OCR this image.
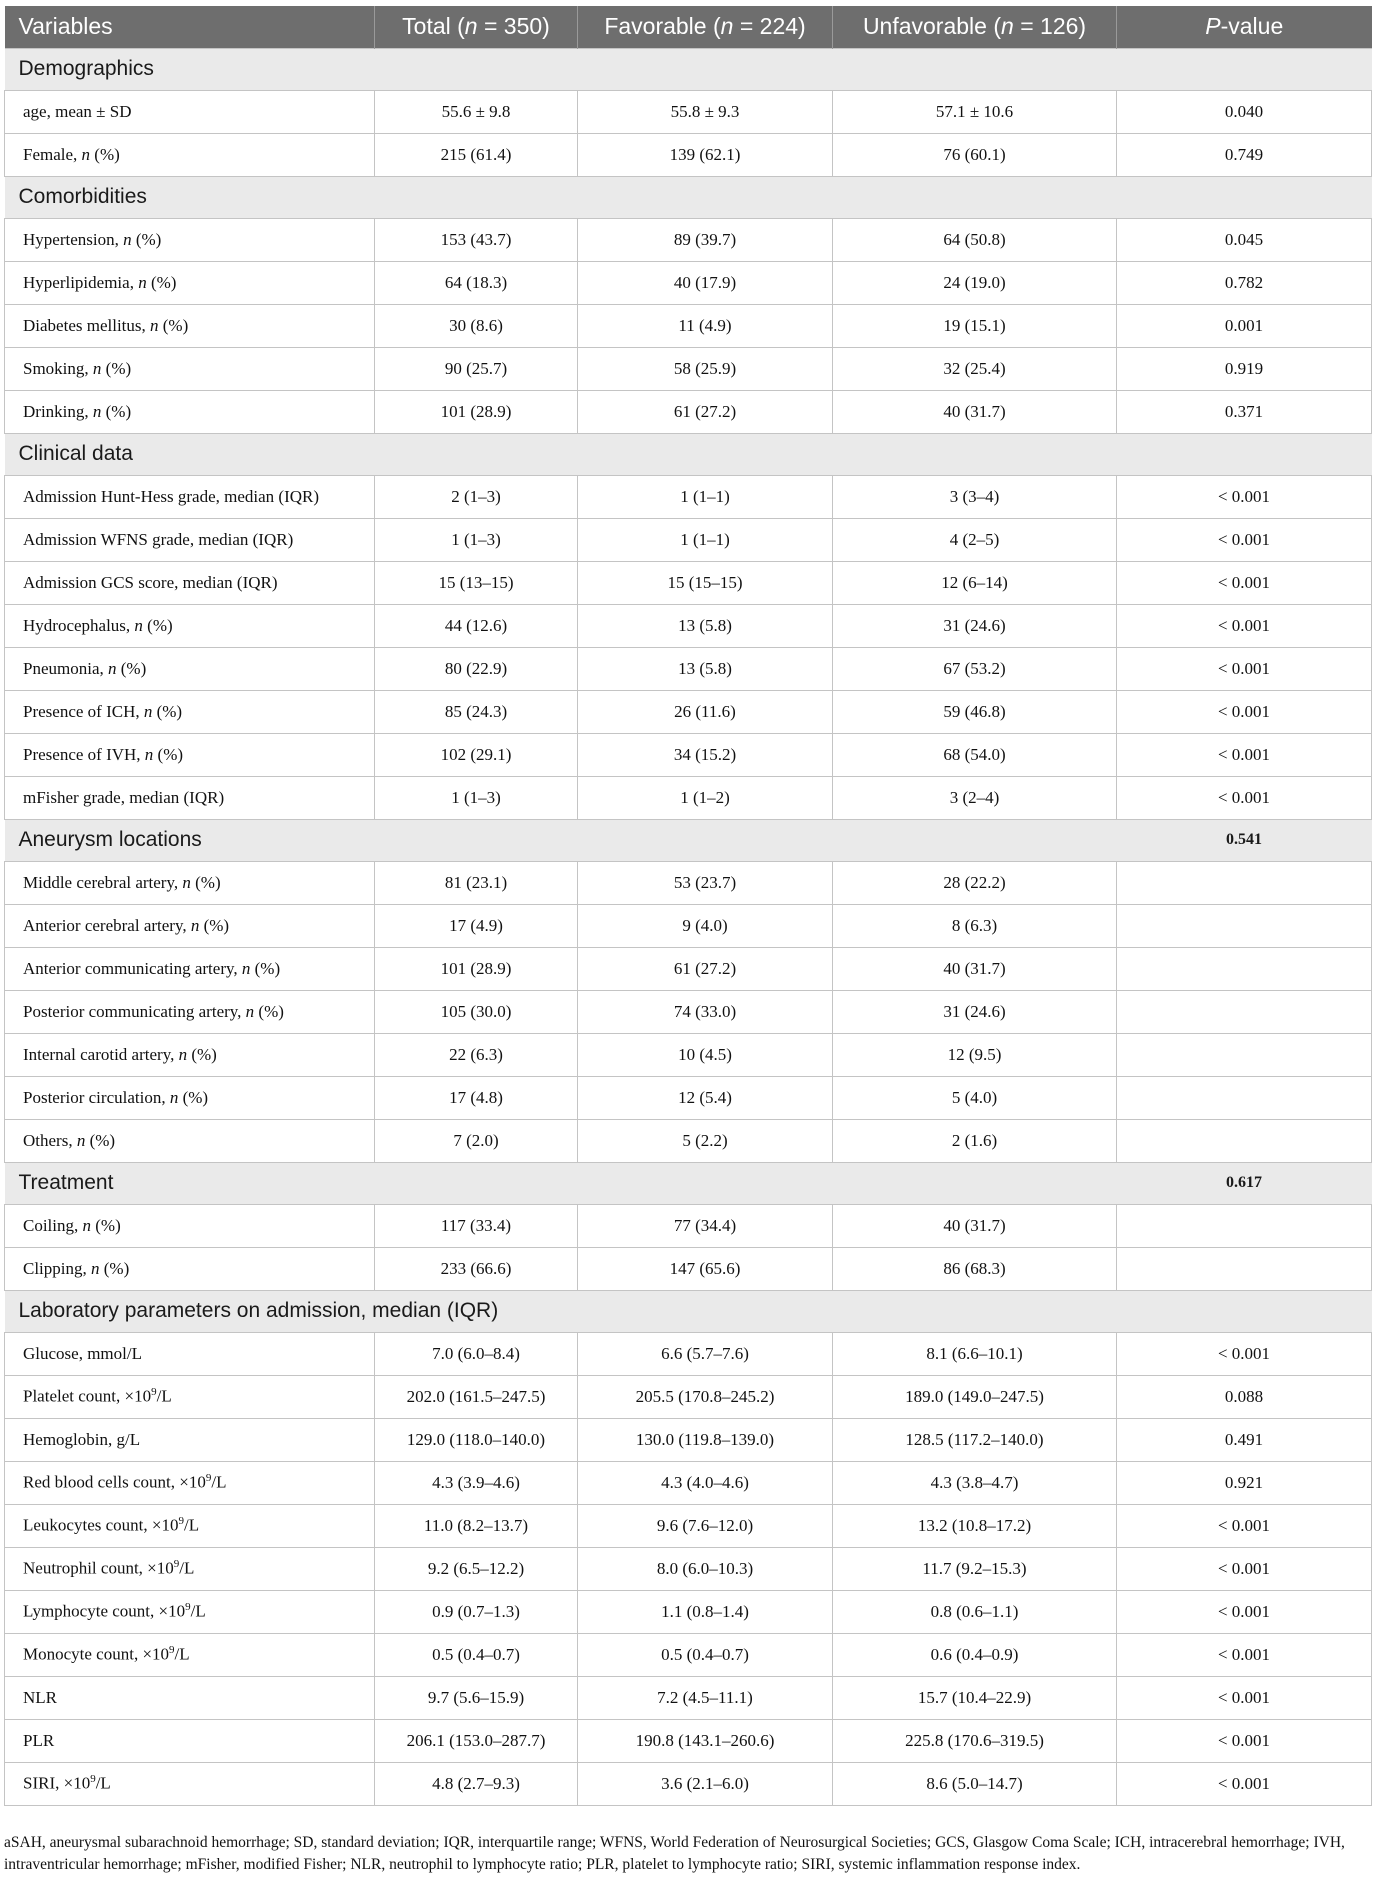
Variables	Total (n = 350)	Favorable (n = 224)	Unfavorable (n = 126)	P-value
Demographics				
age, mean ± SD	55.6 ± 9.8	55.8 ± 9.3	57.1 ± 10.6	0.040
Female, n (%)	215 (61.4)	139 (62.1)	76 (60.1)	0.749
Comorbidities				
Hypertension, n (%)	153 (43.7)	89 (39.7)	64 (50.8)	0.045
Hyperlipidemia, n (%)	64 (18.3)	40 (17.9)	24 (19.0)	0.782
Diabetes mellitus, n (%)	30 (8.6)	11 (4.9)	19 (15.1)	0.001
Smoking, n (%)	90 (25.7)	58 (25.9)	32 (25.4)	0.919
Drinking, n (%)	101 (28.9)	61 (27.2)	40 (31.7)	0.371
Clinical data				
Admission Hunt-Hess grade, median (IQR)	2 (1–3)	1 (1–1)	3 (3–4)	< 0.001
Admission WFNS grade, median (IQR)	1 (1–3)	1 (1–1)	4 (2–5)	< 0.001
Admission GCS score, median (IQR)	15 (13–15)	15 (15–15)	12 (6–14)	< 0.001
Hydrocephalus, n (%)	44 (12.6)	13 (5.8)	31 (24.6)	< 0.001
Pneumonia, n (%)	80 (22.9)	13 (5.8)	67 (53.2)	< 0.001
Presence of ICH, n (%)	85 (24.3)	26 (11.6)	59 (46.8)	< 0.001
Presence of IVH, n (%)	102 (29.1)	34 (15.2)	68 (54.0)	< 0.001
mFisher grade, median (IQR)	1 (1–3)	1 (1–2)	3 (2–4)	< 0.001
Aneurysm locations				0.541
Middle cerebral artery, n (%)	81 (23.1)	53 (23.7)	28 (22.2)	
Anterior cerebral artery, n (%)	17 (4.9)	9 (4.0)	8 (6.3)	
Anterior communicating artery, n (%)	101 (28.9)	61 (27.2)	40 (31.7)	
Posterior communicating artery, n (%)	105 (30.0)	74 (33.0)	31 (24.6)	
Internal carotid artery, n (%)	22 (6.3)	10 (4.5)	12 (9.5)	
Posterior circulation, n (%)	17 (4.8)	12 (5.4)	5 (4.0)	
Others, n (%)	7 (2.0)	5 (2.2)	2 (1.6)	
Treatment				0.617
Coiling, n (%)	117 (33.4)	77 (34.4)	40 (31.7)	
Clipping, n (%)	233 (66.6)	147 (65.6)	86 (68.3)	
Laboratory parameters on admission, median (IQR)				
Glucose, mmol/L	7.0 (6.0–8.4)	6.6 (5.7–7.6)	8.1 (6.6–10.1)	< 0.001
Platelet count, $\times 10^9/L$	202.0 (161.5–247.5)	205.5 (170.8–245.2)	189.0 (149.0–247.5)	0.088
Hemoglobin, g/L	129.0 (118.0–140.0)	130.0 (119.8–139.0)	128.5 (117.2–140.0)	0.491
Red blood cells count, $\times 10^9/L$	4.3 (3.9–4.6)	4.3 (4.0–4.6)	4.3 (3.8–4.7)	0.921
Leukocytes count, $\times 10^9/L$	11.0 (8.2–13.7)	9.6 (7.6–12.0)	13.2 (10.8–17.2)	< 0.001
Neutrophil count, $\times 10^9/L$	9.2 (6.5–12.2)	8.0 (6.0–10.3)	11.7 (9.2–15.3)	< 0.001
Lymphocyte count, $\times 10^9/L$	0.9 (0.7–1.3)	1.1 (0.8–1.4)	0.8 (0.6–1.1)	< 0.001
Monocyte count, $\times 10^9/L$	0.5 (0.4–0.7)	0.5 (0.4–0.7)	0.6 (0.4–0.9)	< 0.001
NLR	9.7 (5.6–15.9)	7.2 (4.5–11.1)	15.7 (10.4–22.9)	< 0.001
PLR	206.1 (153.0–287.7)	190.8 (143.1–260.6)	225.8 (170.6–319.5)	< 0.001
SIRI, $\times 10^9/L$	4.8 (2.7–9.3)	3.6 (2.1–6.0)	8.6 (5.0–14.7)	< 0.001
aSAH, aneurysmal subarachnoid hemorrhage; SD, standard deviation; IQR, interquartile range; WFNS, World Federation of Neurosurgical Societies; GCS, Glasgow Coma Scale; ICH, intracerebral hemorrhage; IVH, intraventricular hemorrhage; mFisher, modified Fisher; NLR, neutrophil to lymphocyte ratio; PLR, platelet to lymphocyte ratio; SIRI, systemic inflammation response index.
